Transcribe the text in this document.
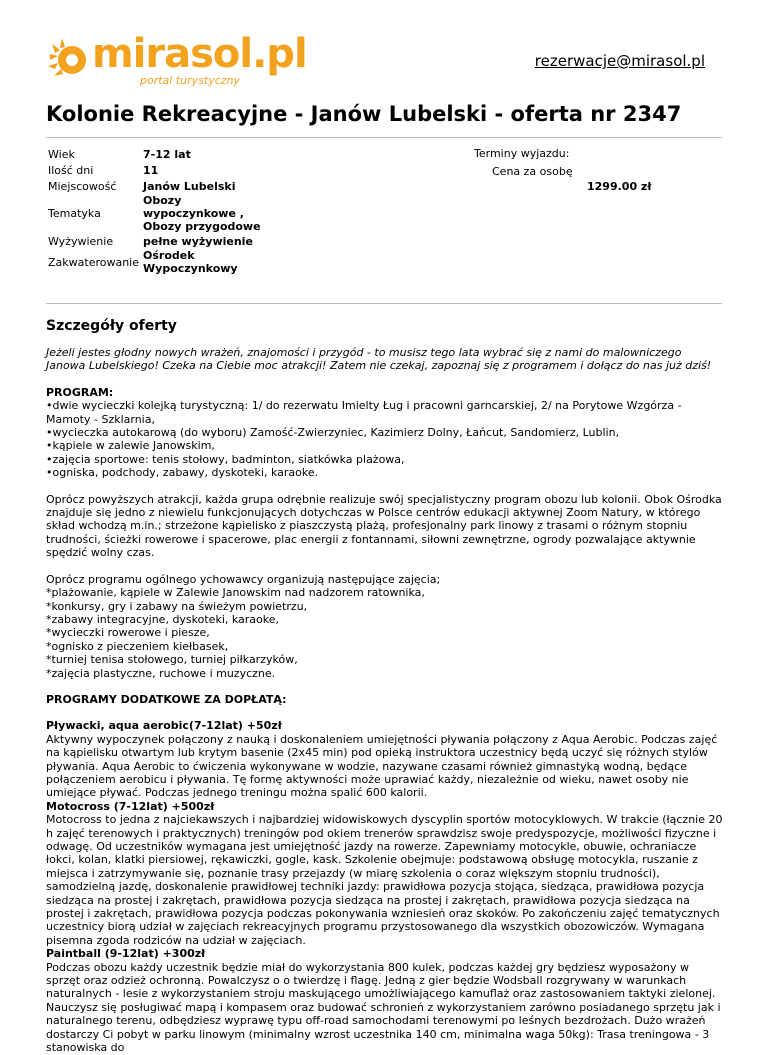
mirasol.pl
portal turystyczny
rezerwacje@mirasol.pl
Kolonie Rekreacyjne - Janów Lubelski - oferta nr 2347
Wiek	7-12 lat
Ilość dni	11
Miejscowość	Janów Lubelski
Tematyka	Obozy wypoczynkowe , Obozy przygodowe
Wyżywienie	pełne wyżywienie
Zakwaterowanie	Ośrodek Wypoczynkowy
Terminy wyjazdu:
Cena za osobę
1299.00 zł
Szczegóły oferty

Jeżeli jestes głodny nowych wrażeń, znajomości i przygód - to musisz tego lata wybrać się z nami do malowniczego Janowa Lubelskiego! Czeka na Ciebie moc atrakcji! Zatem nie czekaj, zapoznaj się z programem i dołącz do nas już dziś!

PROGRAM:

•dwie wycieczki kolejką turystyczną: 1/ do rezerwatu Imielty Ług i pracowni garncarskiej, 2/ na Porytowe Wzgórza - Mamoty - Szklarnia,

•wycieczka autokarową (do wyboru) Zamość-Zwierzyniec, Kazimierz Dolny, Łańcut, Sandomierz, Lublin,

•kąpiele w zalewie Janowskim,

•zajęcia sportowe: tenis stołowy, badminton, siatkówka plażowa,

•ogniska, podchody, zabawy, dyskoteki, karaoke.

Oprócz powyższych atrakcji, każda grupa odrębnie realizuje swój specjalistyczny program obozu lub kolonii. Obok Ośrodka znajduje się jedno z niewielu funkcjonujących dotychczas w Polsce centrów edukacji aktywnej Zoom Natury, w którego skład wchodzą m.in.; strzeżone kąpielisko z piaszczystą plażą, profesjonalny park linowy z trasami o różnym stopniu trudności, ścieżki rowerowe i spacerowe, plac energii z fontannami, siłowni zewnętrzne, ogrody pozwalające aktywnie spędzić wolny czas.

Oprócz programu ogólnego ychowawcy organizują następujące zajęcia;

*plażowanie, kąpiele w Zalewie Janowskim nad nadzorem ratownika,

*konkursy, gry i zabawy na świeżym powietrzu,

*zabawy integracyjne, dyskoteki, karaoke,

*wycieczki rowerowe i piesze,

*ognisko z pieczeniem kiełbasek,

*turniej tenisa stołowego, turniej piłkarzyków,

*zajęcia plastyczne, ruchowe i muzyczne.

PROGRAMY DODATKOWE ZA DOPŁATĄ:

Pływacki, aqua aerobic(7-12lat) +50zł

Aktywny wypoczynek połączony z nauką i doskonaleniem umiejętności pływania połączony z Aqua Aerobic. Podczas zajęć na kąpielisku otwartym lub krytym basenie (2x45 min) pod opieką instruktora uczestnicy będą uczyć się różnych stylów pływania. Aqua Aerobic to ćwiczenia wykonywane w wodzie, nazywane czasami również gimnastyką wodną, będące połączeniem aerobicu i pływania. Tę formę aktywności może uprawiać każdy, niezależnie od wieku, nawet osoby nie umiejące pływać. Podczas jednego treningu można spalić 600 kalorii.

Motocross (7-12lat) +500zł

Motocross to jedna z najciekawszych i najbardziej widowiskowych dyscyplin sportów motocyklowych. W trakcie (łącznie 20 h zajęć terenowych i praktycznych) treningów pod okiem trenerów sprawdzisz swoje predyspozycje, możliwości fizyczne i odwagę. Od uczestników wymagana jest umiejętność jazdy na rowerze. Zapewniamy motocykle, obuwie, ochraniacze łokci, kolan, klatki piersiowej, rękawiczki, gogle, kask. Szkolenie obejmuje: podstawową obsługę motocykla, ruszanie z miejsca i zatrzymywanie się, poznanie trasy przejazdy (w miarę szkolenia o coraz większym stopniu trudności), samodzielną jazdę, doskonalenie prawidłowej techniki jazdy: prawidłowa pozycja stojąca, siedząca, prawidłowa pozycja siedząca na prostej i zakrętach, prawidłowa pozycja siedząca na prostej i zakrętach, prawidłowa pozycja siedząca na prostej i zakrętach, prawidłowa pozycja podczas pokonywania wzniesień oraz skoków. Po zakończeniu zajęć tematycznych uczestnicy biorą udział w zajęciach rekreacyjnych programu przystosowanego dla wszystkich obozowiczów. Wymagana pisemna zgoda rodziców na udział w zajęciach.

Paintball (9-12lat) +300zł

Podczas obozu każdy uczestnik będzie miał do wykorzystania 800 kulek, podczas każdej gry będziesz wyposażony w sprzęt oraz odzież ochronną. Powalczysz o o twierdzę i flagę. Jedną z gier będzie Wodsball rozgrywany w warunkach naturalnych - lesie z wykorzystaniem stroju maskującego umożliwiającego kamuflaż oraz zastosowaniem taktyki zielonej. Nauczysz się posługiwać mapą i kompasem oraz budować schronień z wykorzystaniem zarówno posiadanego sprzętu jak i naturalnego terenu, odbędziesz wyprawę typu off-road samochodami terenowymi po leśnych bezdrożach. Dużo wrażeń dostarczy Ci pobyt w parku linowym (minimalny wzrost uczestnika 140 cm, minimalna waga 50kg): Trasa treningowa - 3 stanowiska do
